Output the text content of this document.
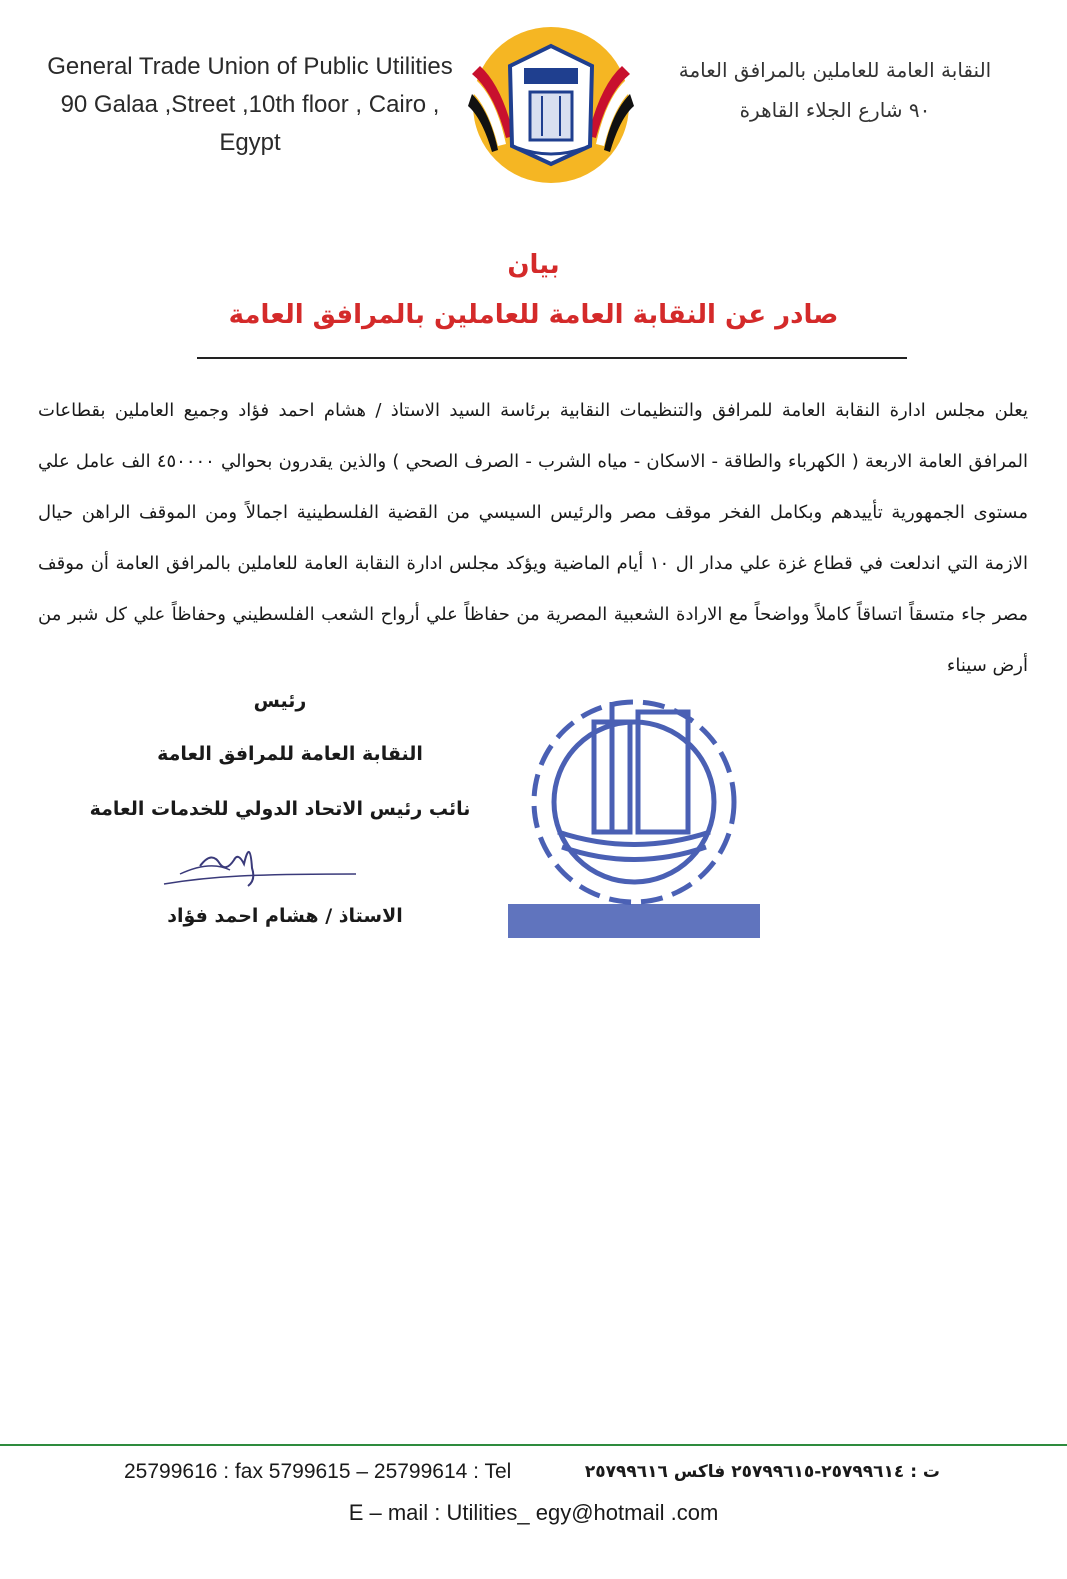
General Trade Union of Public Utilities
90 Galaa ,Street ,10th floor , Cairo , Egypt
النقابة العامة للعاملين بالمرافق العامة
٩٠ شارع الجلاء القاهرة
بيان
صادر عن النقابة العامة للعاملين بالمرافق العامة
يعلن مجلس ادارة النقابة العامة للمرافق والتنظيمات النقابية برئاسة السيد الاستاذ / هشام احمد فؤاد وجميع العاملين بقطاعات المرافق العامة الاربعة ( الكهرباء والطاقة - الاسكان - مياه الشرب - الصرف الصحي ) والذين يقدرون بحوالي ٤٥٠٠٠٠ الف عامل علي مستوى الجمهورية تأييدهم وبكامل الفخر موقف مصر والرئيس السيسي من القضية الفلسطينية اجمالاً ومن الموقف الراهن حيال الازمة التي اندلعت في قطاع غزة علي مدار ال ١٠ أيام الماضية ويؤكد مجلس ادارة النقابة العامة للعاملين بالمرافق العامة أن موقف مصر جاء متسقاً اتساقاً كاملاً وواضحاً مع الارادة الشعبية المصرية من حفاظاً علي أرواح الشعب الفلسطيني وحفاظاً علي كل شبر من أرض سيناء
رئيس
النقابة العامة للمرافق العامة
نائب رئيس الاتحاد الدولي للخدمات العامة
الاستاذ / هشام احمد فؤاد
25799616 : fax 5799615 – 25799614 : Tel	ت : ٢٥٧٩٩٦١٤-٢٥٧٩٩٦١٥ فاكس ٢٥٧٩٩٦١٦
E – mail : Utilities_ egy@hotmail .com
